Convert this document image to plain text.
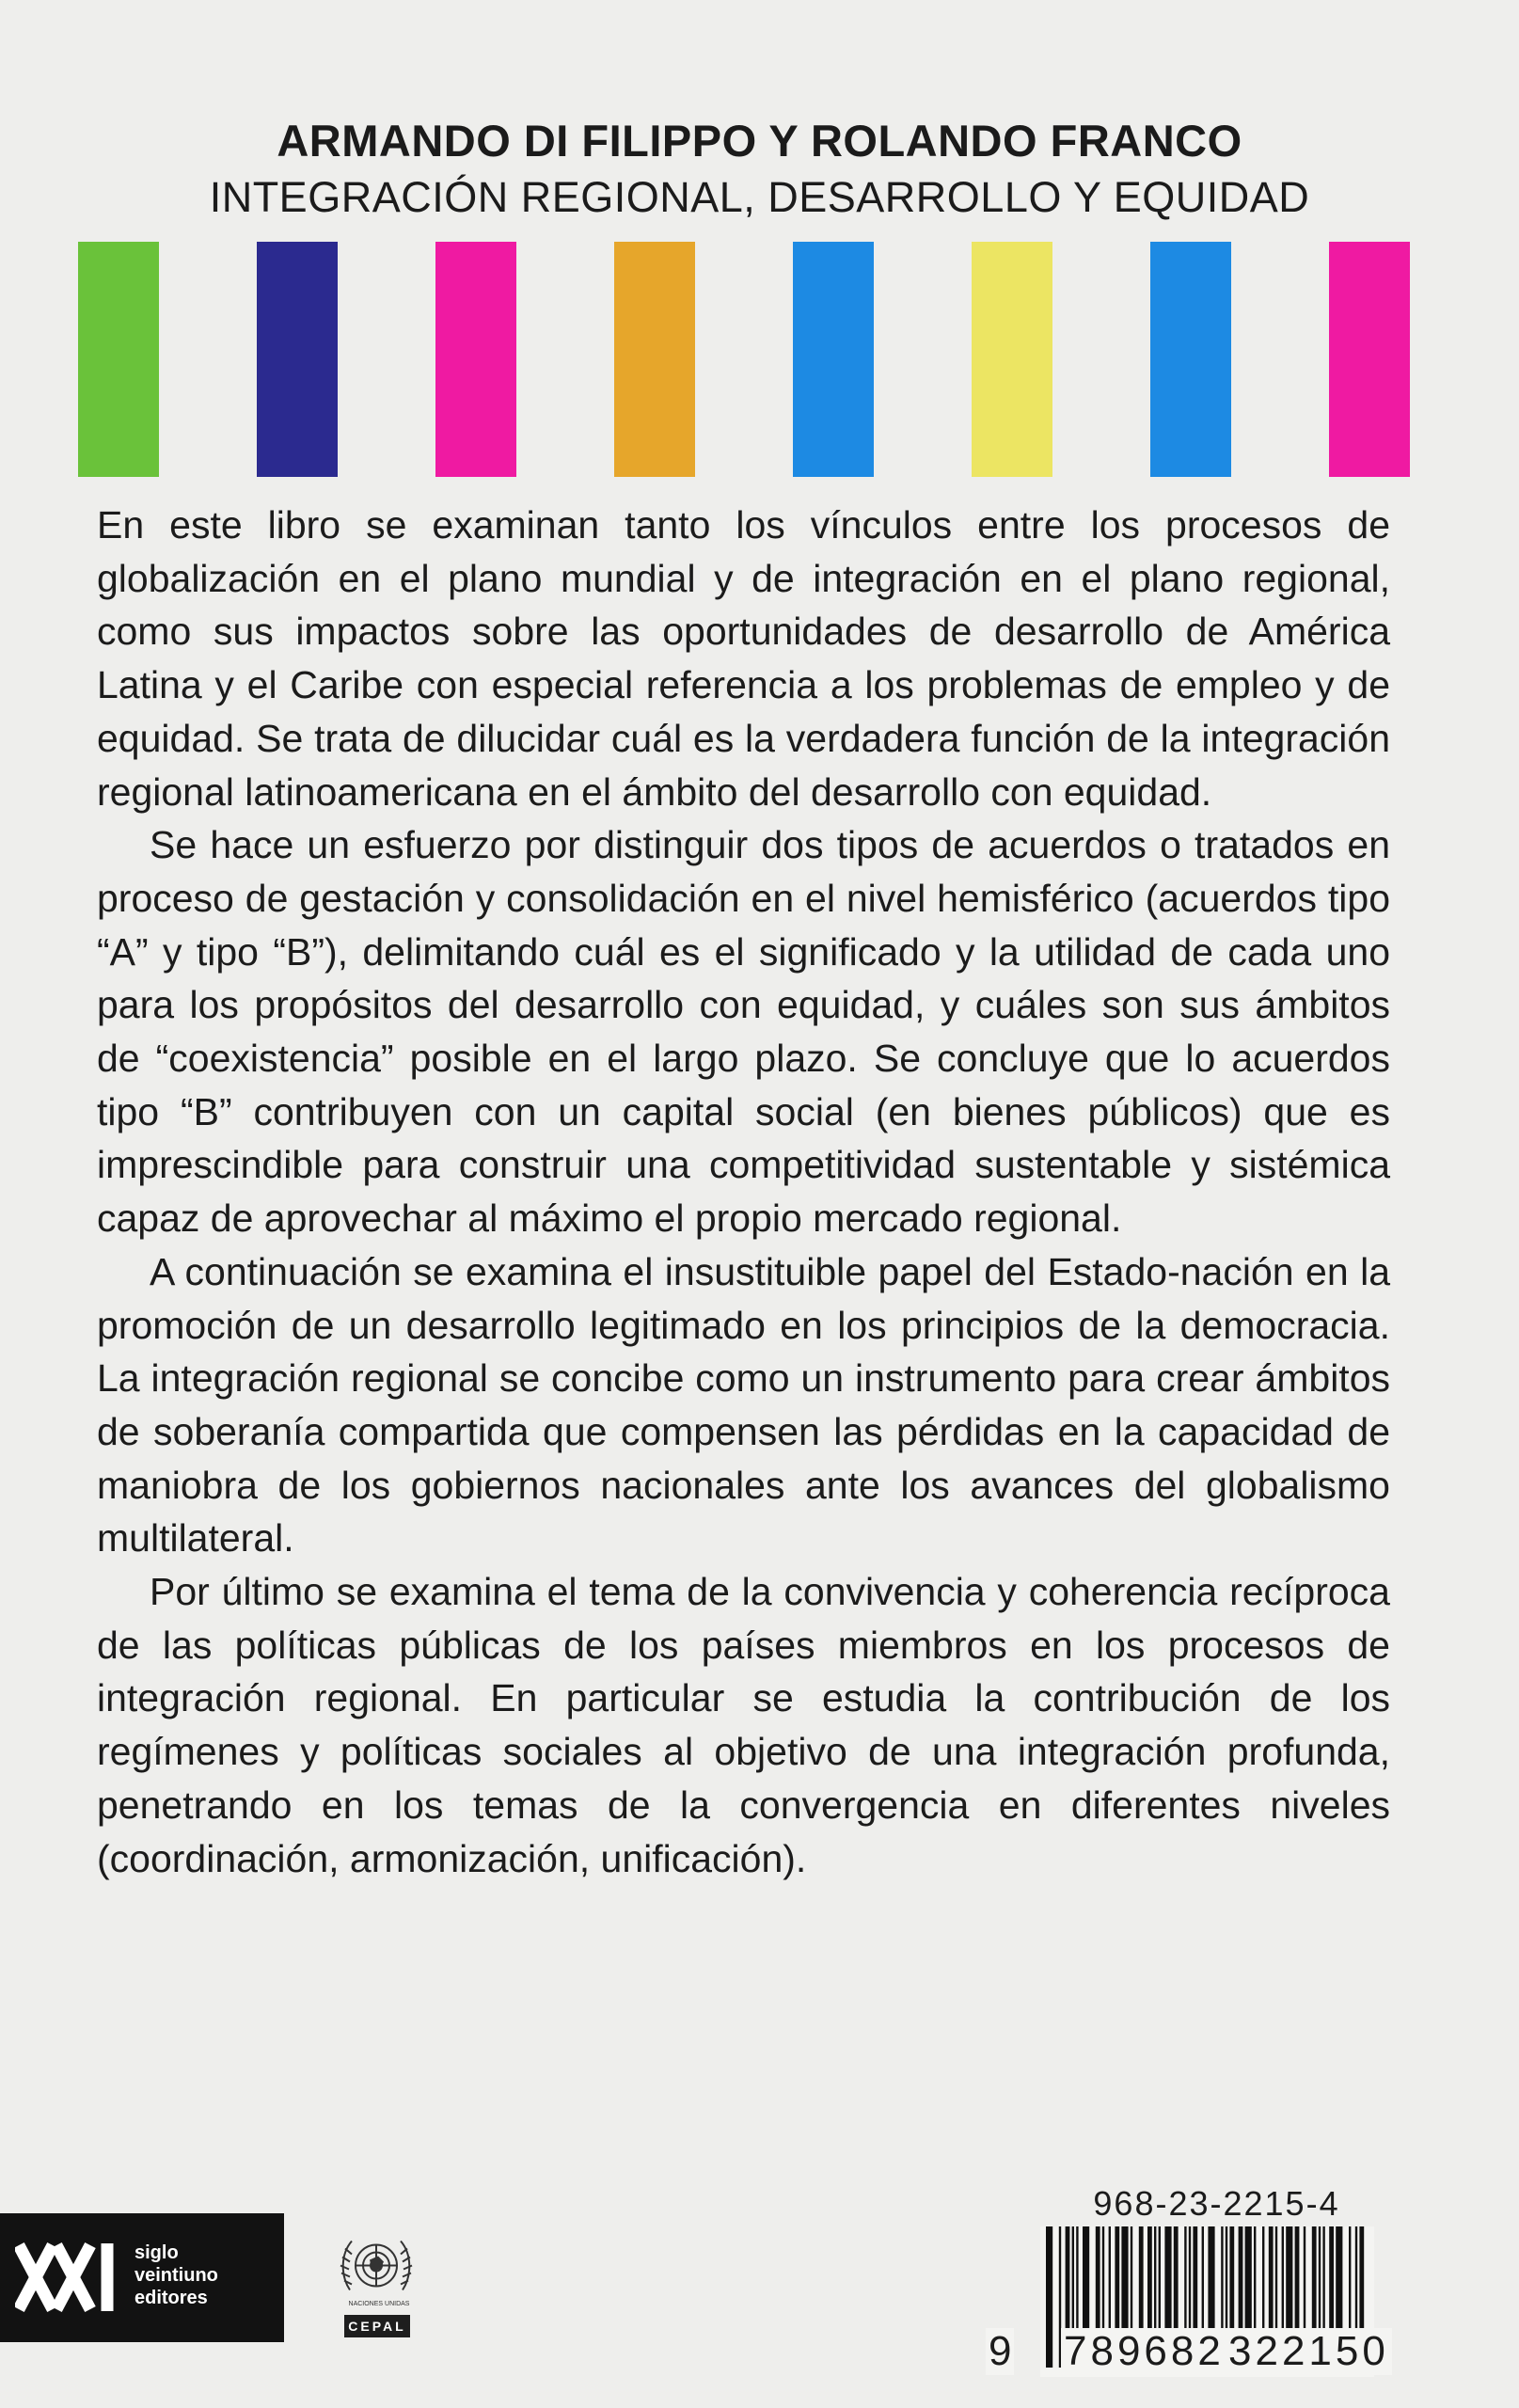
ARMANDO DI FILIPPO Y ROLANDO FRANCO
INTEGRACIÓN REGIONAL, DESARROLLO Y EQUIDAD

En este libro se examinan tanto los vínculos entre los procesos de globalización en el plano mundial y de integración en el plano regional, como sus impactos sobre las oportunidades de desarrollo de América Latina y el Caribe con especial referencia a los problemas de empleo y de equidad. Se trata de dilucidar cuál es la verdadera función de la integración regional latinoamericana en el ámbito del desarrollo con equidad.

Se hace un esfuerzo por distinguir dos tipos de acuerdos o tratados en proceso de gestación y consolidación en el nivel hemisférico (acuerdos tipo “A” y tipo “B”), delimitando cuál es el significado y la utilidad de cada uno para los propósitos del desarrollo con equidad, y cuáles son sus ámbitos de “coexistencia” posible en el largo plazo. Se concluye que lo acuerdos tipo “B” contribuyen con un capital social (en bienes públicos) que es imprescindible para construir una competitividad sustentable y sistémica capaz de aprovechar al máximo el propio mercado regional.

A continuación se examina el insustituible papel del Estado-nación en la promoción de un desarrollo legitimado en los principios de la democracia. La integración regional se concibe como un instrumento para crear ámbitos de soberanía compartida que compensen las pérdidas en la capacidad de maniobra de los gobiernos nacionales ante los avances del globalismo multilateral.

Por último se examina el tema de la convivencia y coherencia recíproca de las políticas públicas de los países miembros en los procesos de integración regional. En particular se estudia la contribución de los regímenes y políticas sociales al objetivo de una integración profunda, penetrando en los temas de la convergencia en diferentes niveles (coordinación, armonización, unificación).

siglo
veintiuno
editores	NACIONES UNIDAS
CEPAL
968-23-2215-4
9 789682 322150
